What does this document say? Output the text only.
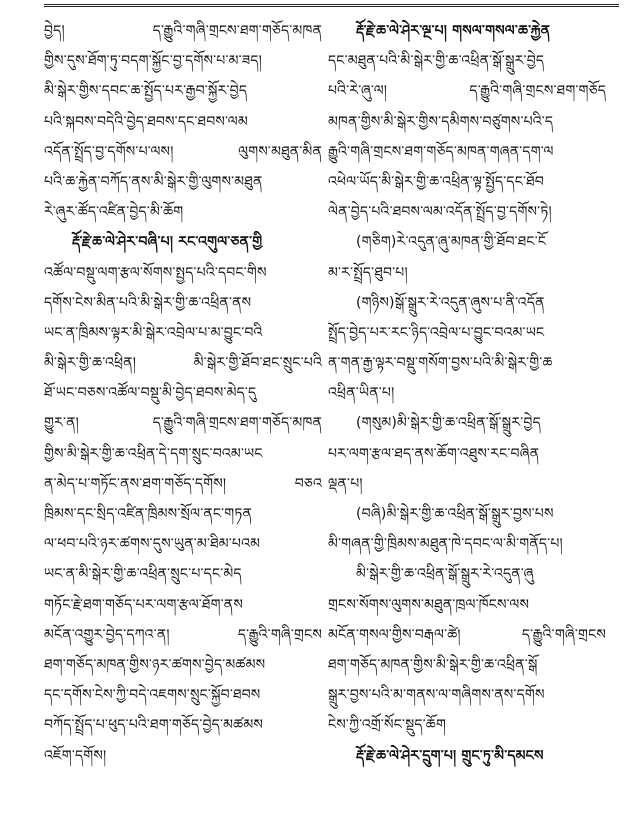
བྱེད། ད་རྒྱུའི་གཞི་གྲངས་ཐག་གཅོད་མཁན
གྱིས་དུས་ཐོག་ཏུ་བདག་སྐྱོང་བྱ་དགོས་པ་མ་ཟད།
མི་སྒེར་གྱིས་དབང་ཆ་སྤྱོད་པར་རྒྱབ་སྐྱོར་བྱེད
པའི་སྐབས་བདེའི་བྱེད་ཐབས་དང་ཐབས་ལམ
འདོན་སྤྲོད་བྱ་དགོས་པ་ལས། ལུགས་མཐུན་མིན
པའི་ཆ་རྐྱེན་བཀོད་ནས་མི་སྒེར་གྱི་ལུགས་མཐུན
རེ་ཞུར་ཚོད་འཛིན་བྱེད་མི་ཆོག
རྡོ་རྗེ་ཆ་ལེ་ཤེར་བཞི་པ། རང་འགུལ་ཅན་གྱི
འཚོལ་བསྡུ་ལག་རྩལ་སོགས་སྤྱད་པའི་དབང་གིས
དགོས་ངེས་མིན་པའི་མི་སྒེར་གྱི་ཆ་འཕྲིན་ནས
ཡང་ན་ཁྲིམས་ལྟར་མི་སྒེར་འབྲེལ་པ་མ་བྱུང་བའི
མི་སྒེར་གྱི་ཆ་འཕྲིན། མི་སྒེར་གྱི་ཐོབ་ཐང་སྲུང་པའི
ཐོ་ཡང་བཅས་འཚོལ་བསྡུ་མི་བྱེད་ཐབས་མེད་དུ
གྱུར་ན། ད་རྒྱུའི་གཞི་གྲངས་ཐག་གཅོད་མཁན
གྱིས་མི་སྒེར་གྱི་ཆ་འཕྲིན་དེ་དག་སྲུང་བའམ་ཡང
ན་མེད་པ་གཏོང་ནས་ཐག་གཅོད་དགོས། བཅའ
ཁྲིམས་དང་སྲིད་འཛིན་ཁྲིམས་སྲོལ་ནང་གཏན
ལ་ཕབ་པའི་ཉར་ཚགས་དུས་ཡུན་མ་ཐིམ་པའམ
ཡང་ན་མི་སྒེར་གྱི་ཆ་འཕྲིན་སྲུང་པ་དང་མེད
གཏོང་རྗེ་ཐག་གཅོད་པར་ལག་རྩལ་ཐོག་ནས
མངོན་འགྱུར་བྱེད་དཀའ་ན། ད་རྒྱུའི་གཞི་གྲངས
ཐག་གཅོད་མཁན་གྱིས་ཉར་ཚགས་བྱེད་མཚམས
དང་དགོས་ངེས་ཀྱི་བདེ་འཇགས་སྲུང་སྐྱོབ་ཐབས
བཀོད་སྤྲོད་པ་ཕུད་པའི་ཐག་གཅོད་བྱེད་མཚམས
འཇོག་དགོས།
རྡོ་རྗེ་ཆ་ལེ་ཤེར་ལྔ་པ། གསལ་གསལ་ཆ་རྐྱེན
དང་མཐུན་པའི་མི་སྒེར་གྱི་ཆ་འཕྲིན་སྒོ་སྒྲུར་བྱེད
པའི་རེ་ཞུ་ལ། ད་རྒྱུའི་གཞི་གྲངས་ཐག་གཅོད
མཁན་གྱིས་མི་སྒེར་གྱིས་དམིགས་བཙུགས་པའི་ད
རྒྱུའི་གཞི་གྲངས་ཐག་གཅོད་མཁན་གཞན་དག་ལ
འཕེལ་ཡོད་མི་སྒེར་གྱི་ཆ་འཕྲིན་ལྟ་སྤྱོད་དང་ཐོབ
ལེན་བྱེད་པའི་ཐབས་ལམ་འདོན་སྤྲོད་བྱ་དགོས་ཏེ།
(གཅིག)རེ་འདུན་ཞུ་མཁན་གྱི་ཐོབ་ཐང་ངོ
མ་ར་སྤྲོད་ཐུབ་པ།
(གཉིས)སྒོ་སྒྲུར་རེ་འདུན་ཞུས་པ་ནི་འདོན
སྤྲོད་བྱེད་པར་རང་ཉིད་འབྲེལ་པ་བྱུང་བའམ་ཡང
ན་གན་རྒྱ་ལྟར་བསྡུ་གསོག་བྱས་པའི་མི་སྒེར་གྱི་ཆ
འཕྲིན་ཡིན་པ།
(གསུམ)མི་སྒེར་གྱི་ཆ་འཕྲིན་སྒོ་སྒྲུར་བྱེད
པར་ལག་རྩལ་ཐད་ནས་ཆོག་འཐུས་རང་བཞིན
ལྡན་པ།
(བཞི)མི་སྒེར་གྱི་ཆ་འཕྲིན་སྒོ་སྒྲུར་བྱས་པས
མི་གཞན་གྱི་ཁྲིམས་མཐུན་ཁེ་དབང་ལ་མི་གནོད་པ།
མི་སྒེར་གྱི་ཆ་འཕྲིན་སྒོ་སྒྲུར་རེ་འདུན་ཞུ
གྲངས་སོགས་ལུགས་མཐུན་ཁྲལ་ཁོངས་ལས
མངོན་གསལ་གྱིས་བརྒལ་ཚེ། ད་རྒྱུའི་གཞི་གྲངས
ཐག་གཅོད་མཁན་གྱིས་མི་སྒེར་གྱི་ཆ་འཕྲིན་སྒོ
སྒྲུར་བྱས་པའི་མ་གནས་ལ་གཞིགས་ནས་དགོས
ངེས་ཀྱི་འགྲོ་སོང་སྡུད་ཆོག
རྡོ་རྗེ་ཆ་ལེ་ཤེར་དྲུག་པ། གྲུང་ཏུ་མི་དམངས
